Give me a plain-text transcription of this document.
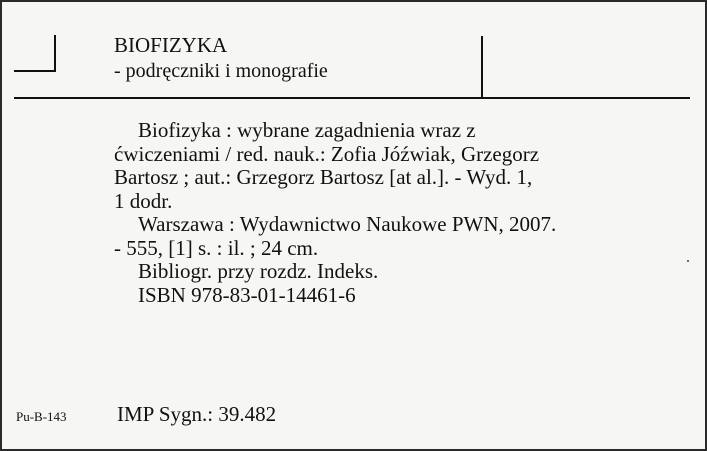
BIOFIZYKA
- podręczniki i monografie

Biofizyka : wybrane zagadnienia wraz z

ćwiczeniami / red. nauk.: Zofia Jóźwiak, Grzegorz

Bartosz ; aut.: Grzegorz Bartosz [at al.]. - Wyd. 1,

1 dodr.

Warszawa : Wydawnictwo Naukowe PWN, 2007.

- 555, [1] s. : il. ; 24 cm.

Bibliogr. przy rozdz. Indeks.

ISBN 978-83-01-14461-6

Pu-B-143 IMP Sygn.: 39.482
